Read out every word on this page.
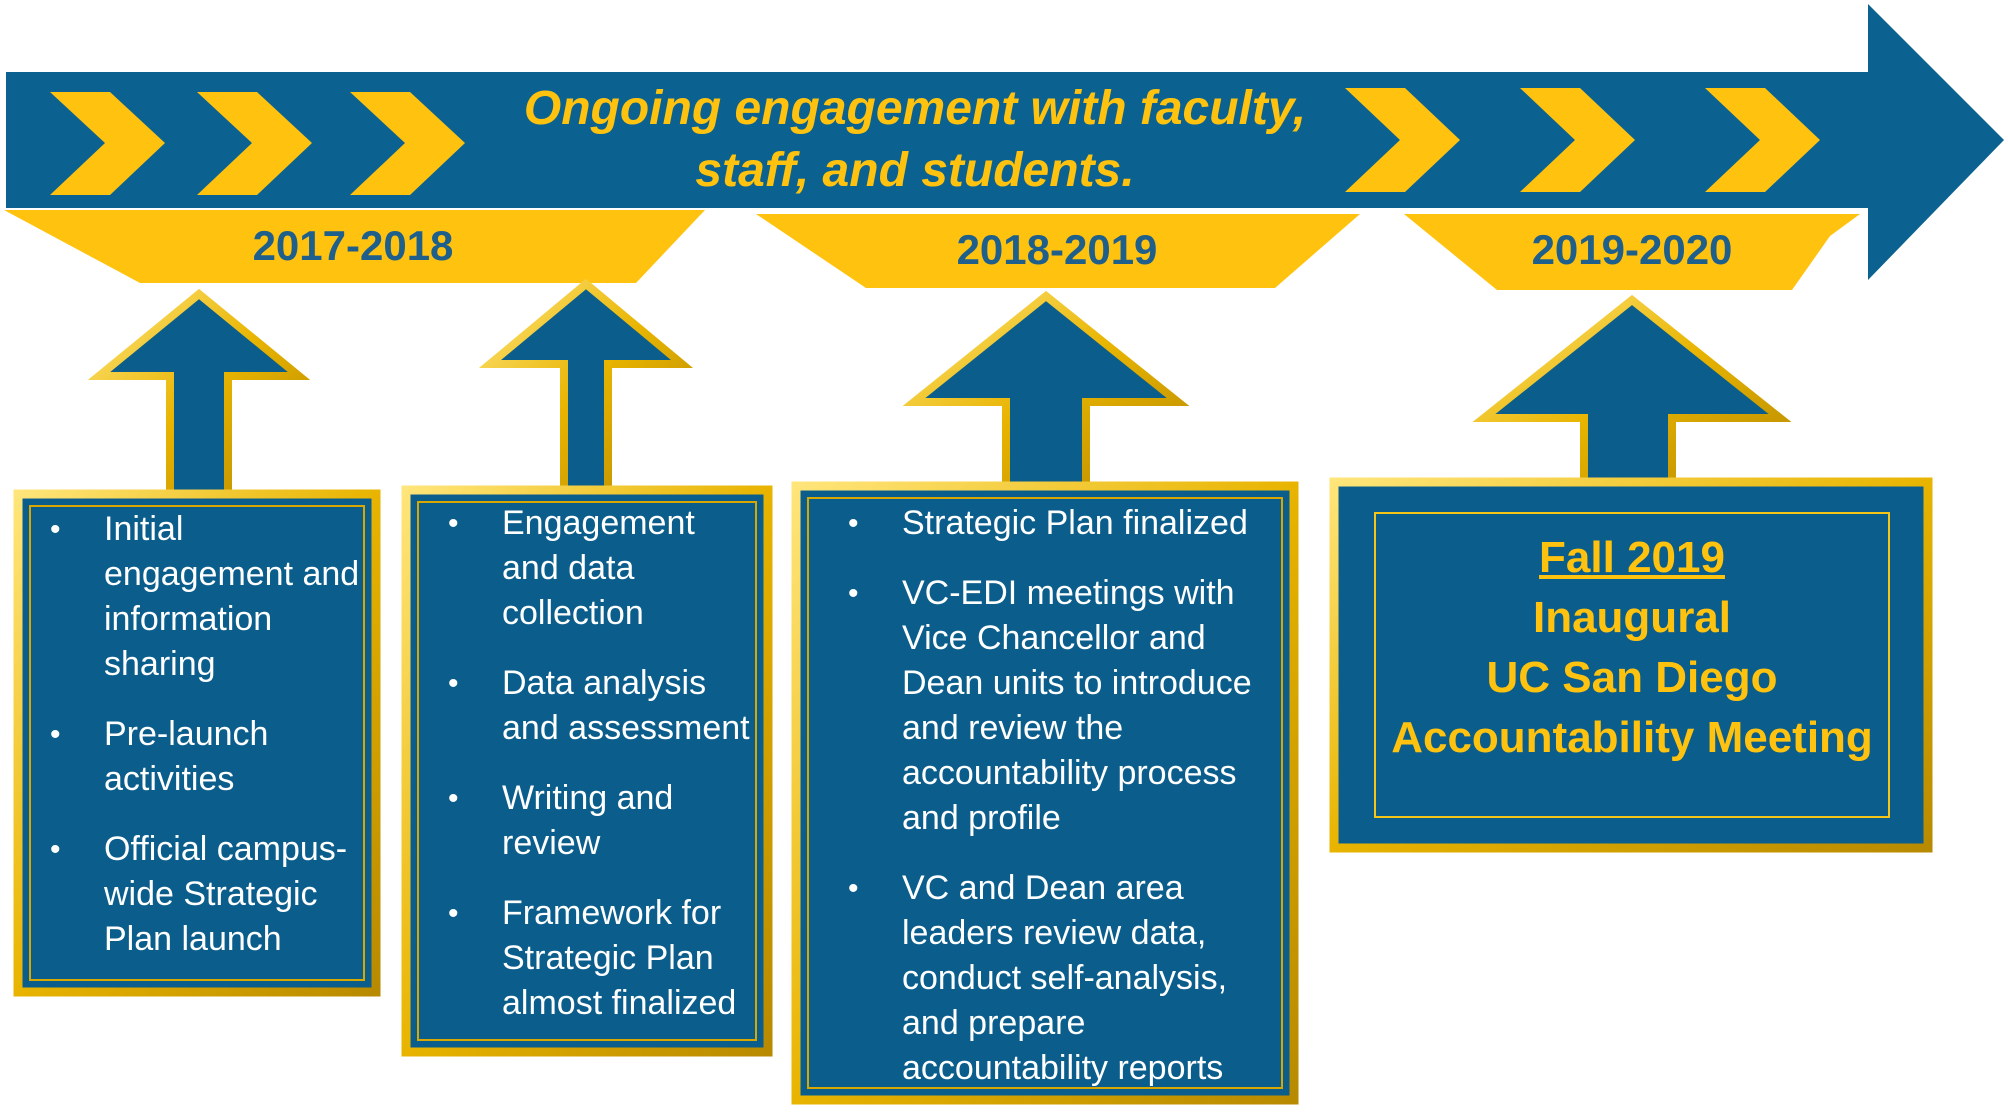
Ongoing engagement with faculty,
staff, and students.
2017-2018	2018-2019	2019-2020
• Initial engagement and information sharing
• Pre-launch activities
• Official campus-wide Strategic Plan launch
• Engagement and data collection
• Data analysis and assessment
• Writing and review
• Framework for Strategic Plan almost finalized
• Strategic Plan finalized
• VC-EDI meetings with Vice Chancellor and Dean units to introduce and review the accountability process and profile
• VC and Dean area leaders review data, conduct self-analysis, and prepare accountability reports
Fall 2019
Inaugural
UC San Diego
Accountability Meeting
